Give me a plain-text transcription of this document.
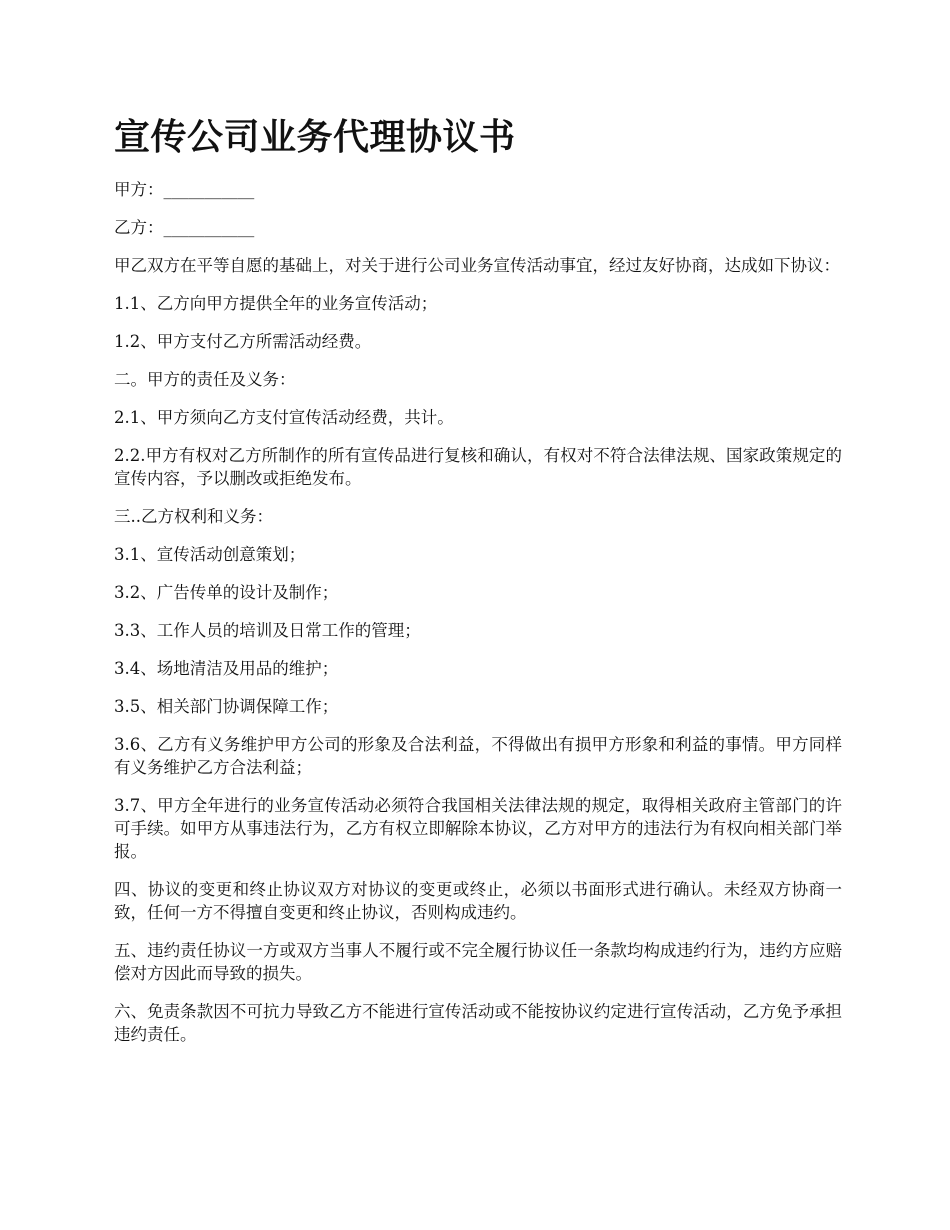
宣传公司业务代理协议书

甲方：___________

乙方：___________

甲乙双方在平等自愿的基础上，对关于进行公司业务宣传活动事宜，经过友好协商，达成如下协议：

1.1、乙方向甲方提供全年的业务宣传活动；

1.2、甲方支付乙方所需活动经费。

二。甲方的责任及义务：

2.1、甲方须向乙方支付宣传活动经费，共计。

2.2.甲方有权对乙方所制作的所有宣传品进行复核和确认，有权对不符合法律法规、国家政策规定的宣传内容，予以删改或拒绝发布。

三..乙方权利和义务：

3.1、宣传活动创意策划；

3.2、广告传单的设计及制作；

3.3、工作人员的培训及日常工作的管理；

3.4、场地清洁及用品的维护；

3.5、相关部门协调保障工作；

3.6、乙方有义务维护甲方公司的形象及合法利益，不得做出有损甲方形象和利益的事情。甲方同样有义务维护乙方合法利益；

3.7、甲方全年进行的业务宣传活动必须符合我国相关法律法规的规定，取得相关政府主管部门的许可手续。如甲方从事违法行为，乙方有权立即解除本协议，乙方对甲方的违法行为有权向相关部门举报。

四、协议的变更和终止协议双方对协议的变更或终止，必须以书面形式进行确认。未经双方协商一致，任何一方不得擅自变更和终止协议，否则构成违约。

五、违约责任协议一方或双方当事人不履行或不完全履行协议任一条款均构成违约行为，违约方应赔偿对方因此而导致的损失。

六、免责条款因不可抗力导致乙方不能进行宣传活动或不能按协议约定进行宣传活动，乙方免予承担违约责任。
